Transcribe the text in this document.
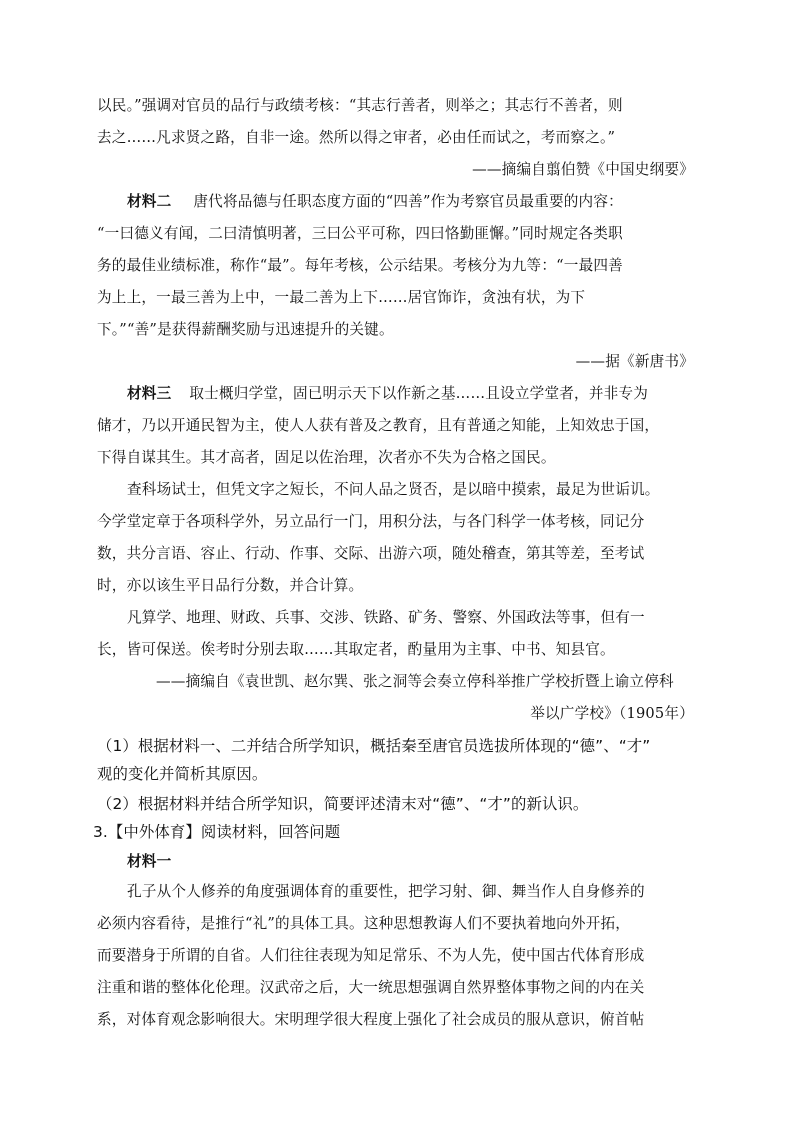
以民。”强调对官员的品行与政绩考核：“其志行善者，则举之；其志行不善者，则
去之……凡求贤之路，自非一途。然所以得之审者，必由任而试之，考而察之。”
——摘编自翦伯赞《中国史纲要》
材料二 唐代将品德与任职态度方面的“四善”作为考察官员最重要的内容：
“一曰德义有闻，二曰清慎明著，三曰公平可称，四曰恪勤匪懈。”同时规定各类职
务的最佳业绩标准，称作“最”。每年考核，公示结果。考核分为九等：“一最四善
为上上，一最三善为上中，一最二善为上下……居官饰诈，贪浊有状，为下
下。”“善”是获得薪酬奖励与迅速提升的关键。
——据《新唐书》
材料三 取士概归学堂，固已明示天下以作新之基……且设立学堂者，并非专为
储才，乃以开通民智为主，使人人获有普及之教育，且有普通之知能，上知效忠于国，
下得自谋其生。其才高者，固足以佐治理，次者亦不失为合格之国民。
查科场试士，但凭文字之短长，不问人品之贤否，是以暗中摸索，最足为世诟讥。
今学堂定章于各项科学外，另立品行一门，用积分法，与各门科学一体考核，同记分
数，共分言语、容止、行动、作事、交际、出游六项，随处稽查，第其等差，至考试
时，亦以该生平日品行分数，并合计算。
凡算学、地理、财政、兵事、交涉、铁路、矿务、警察、外国政法等事，但有一
长，皆可保送。俟考时分别去取……其取定者，酌量用为主事、中书、知县官。
——摘编自《袁世凯、赵尔巽、张之洞等会奏立停科举推广学校折暨上谕立停科
举以广学校》（1905年）
（1）根据材料一、二并结合所学知识，概括秦至唐官员选拔所体现的“德”、“才”
观的变化并简析其原因。
（2）根据材料并结合所学知识，简要评述清末对“德”、“才”的新认识。
3.【中外体育】阅读材料，回答问题
材料一
孔子从个人修养的角度强调体育的重要性，把学习射、御、舞当作人自身修养的
必须内容看待，是推行“礼”的具体工具。这种思想教诲人们不要执着地向外开拓，
而要潜身于所谓的自省。人们往往表现为知足常乐、不为人先，使中国古代体育形成
注重和谐的整体化伦理。汉武帝之后，大一统思想强调自然界整体事物之间的内在关
系，对体育观念影响很大。宋明理学很大程度上强化了社会成员的服从意识，俯首帖
